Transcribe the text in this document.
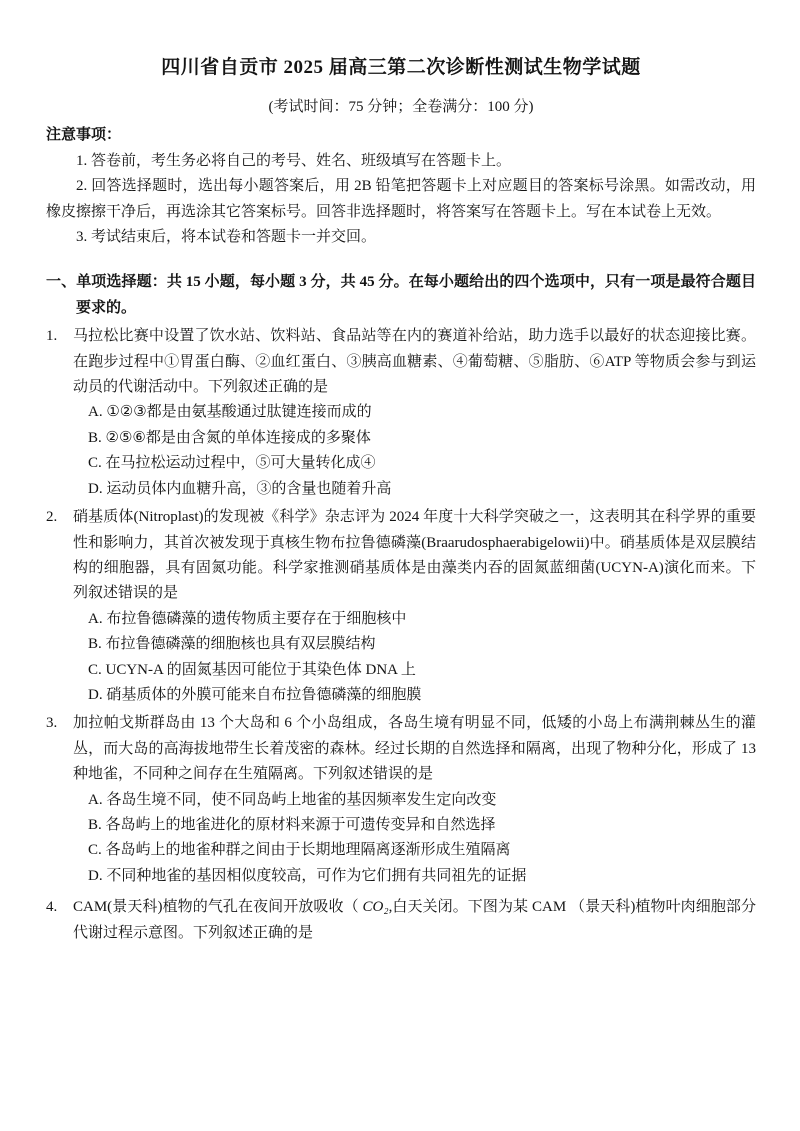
四川省自贡市 2025 届高三第二次诊断性测试生物学试题
(考试时间：75 分钟；全卷满分：100 分)
注意事项：

1. 答卷前，考生务必将自己的考号、姓名、班级填写在答题卡上。

2. 回答选择题时，选出每小题答案后，用 2B 铅笔把答题卡上对应题目的答案标号涂黑。如需改动，用橡皮擦擦干净后，再选涂其它答案标号。回答非选择题时，将答案写在答题卡上。写在本试卷上无效。

3. 考试结束后，将本试卷和答题卡一并交回。

一、单项选择题：共 15 小题，每小题 3 分，共 45 分。在每小题给出的四个选项中，只有一项是最符合题目要求的。
1.	马拉松比赛中设置了饮水站、饮料站、食品站等在内的赛道补给站，助力选手以最好的状态迎接比赛。在跑步过程中①胃蛋白酶、②血红蛋白、③胰高血糖素、④葡萄糖、⑤脂肪、⑥ATP 等物质会参与到运动员的代谢活动中。下列叙述正确的是
A. ①②③都是由氨基酸通过肽键连接而成的
B. ②⑤⑥都是由含氮的单体连接成的多聚体
C. 在马拉松运动过程中，⑤可大量转化成④
D. 运动员体内血糖升高，③的含量也随着升高
2.	硝基质体(Nitroplast)的发现被《科学》杂志评为 2024 年度十大科学突破之一，这表明其在科学界的重要性和影响力，其首次被发现于真核生物布拉鲁德磷藻(Braarudosphaerabigelowii)中。硝基质体是双层膜结构的细胞器，具有固氮功能。科学家推测硝基质体是由藻类内吞的固氮蓝细菌(UCYN-A)演化而来。下列叙述错误的是
A. 布拉鲁德磷藻的遗传物质主要存在于细胞核中
B. 布拉鲁德磷藻的细胞核也具有双层膜结构
C. UCYN-A 的固氮基因可能位于其染色体 DNA 上
D. 硝基质体的外膜可能来自布拉鲁德磷藻的细胞膜
3.	加拉帕戈斯群岛由 13 个大岛和 6 个小岛组成，各岛生境有明显不同，低矮的小岛上布满荆棘丛生的灌丛，而大岛的高海拔地带生长着茂密的森林。经过长期的自然选择和隔离，出现了物种分化，形成了 13 种地雀，不同种之间存在生殖隔离。下列叙述错误的是
A. 各岛生境不同，使不同岛屿上地雀的基因频率发生定向改变
B. 各岛屿上的地雀进化的原材料来源于可遗传变异和自然选择
C. 各岛屿上的地雀种群之间由于长期地理隔离逐渐形成生殖隔离
D. 不同种地雀的基因相似度较高，可作为它们拥有共同祖先的证据
4.	CAM(景天科)植物的气孔在夜间开放吸收（ CO₂,白天关闭。下图为某 CAM （景天科)植物叶肉细胞部分代谢过程示意图。下列叙述正确的是
